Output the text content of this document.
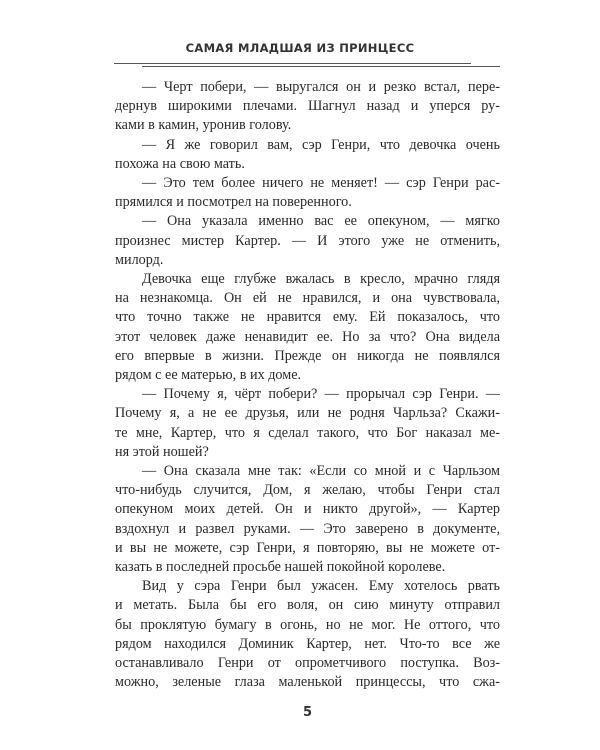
САМАЯ МЛАДШАЯ ИЗ ПРИНЦЕСС
— Черт побери, — выругался он и резко встал, пере-
дернув широкими плечами. Шагнул назад и уперся ру-
ками в камин, уронив голову.
— Я же говорил вам, сэр Генри, что девочка очень
похожа на свою мать.
— Это тем более ничего не меняет! — сэр Генри рас-
прямился и посмотрел на поверенного.
— Она указала именно вас ее опекуном, — мягко
произнес мистер Картер. — И этого уже не отменить,
милорд.
Девочка еще глубже вжалась в кресло, мрачно глядя
на незнакомца. Он ей не нравился, и она чувствовала,
что точно также не нравится ему. Ей показалось, что
этот человек даже ненавидит ее. Но за что? Она видела
его впервые в жизни. Прежде он никогда не появлялся
рядом с ее матерью, в их доме.
— Почему я, чёрт побери? — прорычал сэр Генри. —
Почему я, а не ее друзья, или не родня Чарльза? Скажи-
те мне, Картер, что я сделал такого, что Бог наказал ме-
ня этой ношей?
— Она сказала мне так: «Если со мной и с Чарльзом
что-нибудь случится, Дом, я желаю, чтобы Генри стал
опекуном моих детей. Он и никто другой», — Картер
вздохнул и развел руками. — Это заверено в документе,
и вы не можете, сэр Генри, я повторяю, вы не можете от-
казать в последней просьбе нашей покойной королеве.
Вид у сэра Генри был ужасен. Ему хотелось рвать
и метать. Была бы его воля, он сию минуту отправил
бы проклятую бумагу в огонь, но не мог. Не оттого, что
рядом находился Доминик Картер, нет. Что-то все же
останавливало Генри от опрометчивого поступка. Воз-
можно, зеленые глаза маленькой принцессы, что сжа-
5
